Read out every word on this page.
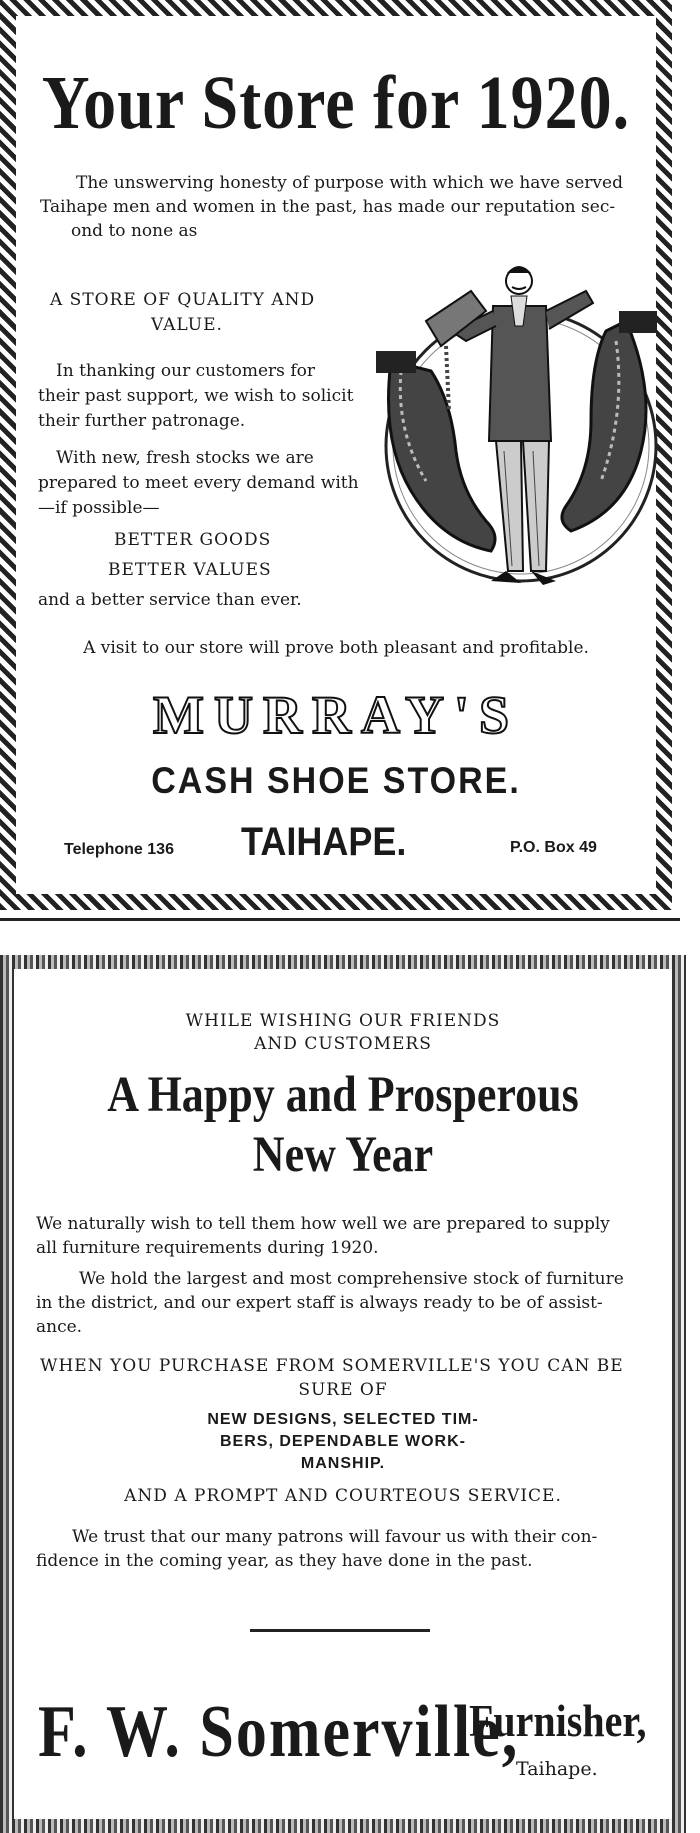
Your Store for 1920.
The unswerving honesty of purpose with which we have served
Taihape men and women in the past, has made our reputation sec-
ond to none as
A STORE OF QUALITY AND
VALUE.
In thanking our customers for
their past support, we wish to solicit
their further patronage.
With new, fresh stocks we are
prepared to meet every demand with
—if possible—
BETTER GOODS
BETTER VALUES
and a better service than ever.
A visit to our store will prove both pleasant and profitable.
MURRAY'S
CASH SHOE STORE.
Telephone 136 TAIHAPE.	P.O. Box 49
WHILE WISHING OUR FRIENDS
AND CUSTOMERS
A Happy and Prosperous
New Year
We naturally wish to tell them how well we are prepared to supply
all furniture requirements during 1920.
We hold the largest and most comprehensive stock of furniture
in the district, and our expert staff is always ready to be of assist-
ance.
WHEN YOU PURCHASE FROM SOMERVILLE'S YOU CAN BE
SURE OF
NEW DESIGNS, SELECTED TIM-
BERS, DEPENDABLE WORK-
MANSHIP.
AND A PROMPT AND COURTEOUS SERVICE.
We trust that our many patrons will favour us with their con-
fidence in the coming year, as they have done in the past.
F. W. Somerville,
Furnisher,
Taihape.
